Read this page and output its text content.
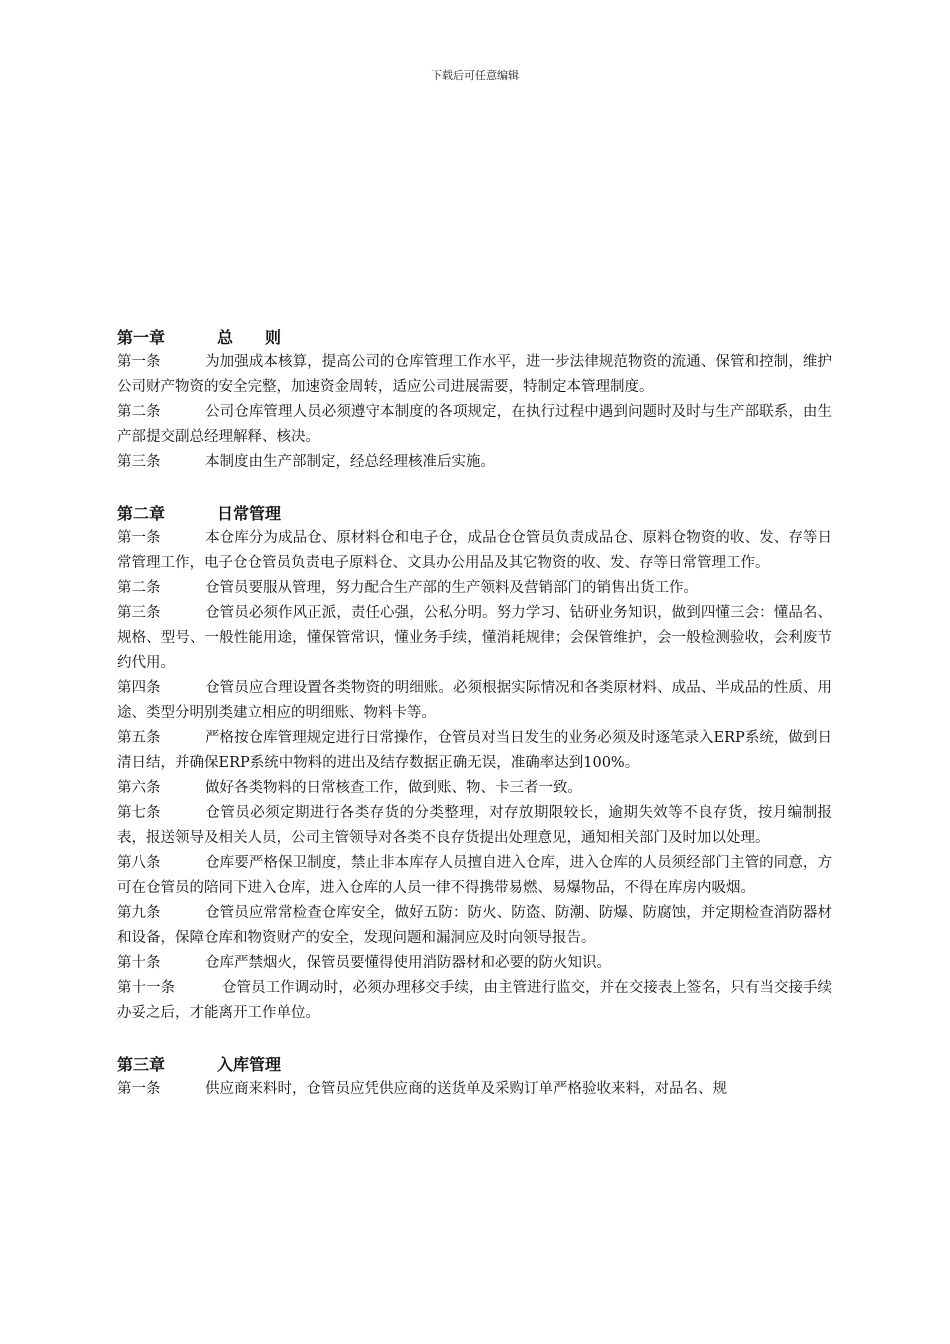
下载后可任意编辑
第一章	总　　则

第一条	为加强成本核算，提高公司的仓库管理工作水平，进一步法律规范物资的流通、保管和控制，维护公司财产物资的安全完整，加速资金周转，适应公司进展需要，特制定本管理制度。

第二条	公司仓库管理人员必须遵守本制度的各项规定，在执行过程中遇到问题时及时与生产部联系，由生产部提交副总经理解释、核决。

第三条	本制度由生产部制定，经总经理核准后实施。

第二章	日常管理

第一条	本仓库分为成品仓、原材料仓和电子仓，成品仓仓管员负责成品仓、原料仓物资的收、发、存等日常管理工作，电子仓仓管员负责电子原料仓、文具办公用品及其它物资的收、发、存等日常管理工作。

第二条	仓管员要服从管理，努力配合生产部的生产领料及营销部门的销售出货工作。

第三条	仓管员必须作风正派，责任心强，公私分明。努力学习、钻研业务知识，做到四懂三会：懂品名、规格、型号、一般性能用途，懂保管常识，懂业务手续，懂消耗规律；会保管维护，会一般检测验收，会利废节约代用。

第四条	仓管员应合理设置各类物资的明细账。必须根据实际情况和各类原材料、成品、半成品的性质、用途、类型分明别类建立相应的明细账、物料卡等。

第五条	严格按仓库管理规定进行日常操作，仓管员对当日发生的业务必须及时逐笔录入ERP系统，做到日清日结，并确保ERP系统中物料的进出及结存数据正确无误，准确率达到100%。

第六条	做好各类物料的日常核查工作，做到账、物、卡三者一致。

第七条	仓管员必须定期进行各类存货的分类整理，对存放期限较长，逾期失效等不良存货，按月编制报表，报送领导及相关人员，公司主管领导对各类不良存货提出处理意见，通知相关部门及时加以处理。

第八条	仓库要严格保卫制度，禁止非本库存人员擅自进入仓库，进入仓库的人员须经部门主管的同意，方可在仓管员的陪同下进入仓库，进入仓库的人员一律不得携带易燃、易爆物品，不得在库房内吸烟。

第九条	仓管员应常常检查仓库安全，做好五防：防火、防盗、防潮、防爆、防腐蚀，并定期检查消防器材和设备，保障仓库和物资财产的安全，发现问题和漏洞应及时向领导报告。

第十条	仓库严禁烟火，保管员要懂得使用消防器材和必要的防火知识。

第十一条	仓管员工作调动时，必须办理移交手续，由主管进行监交，并在交接表上签名，只有当交接手续办妥之后，才能离开工作单位。

第三章	入库管理

第一条	供应商来料时，仓管员应凭供应商的送货单及采购订单严格验收来料，对品名、规
